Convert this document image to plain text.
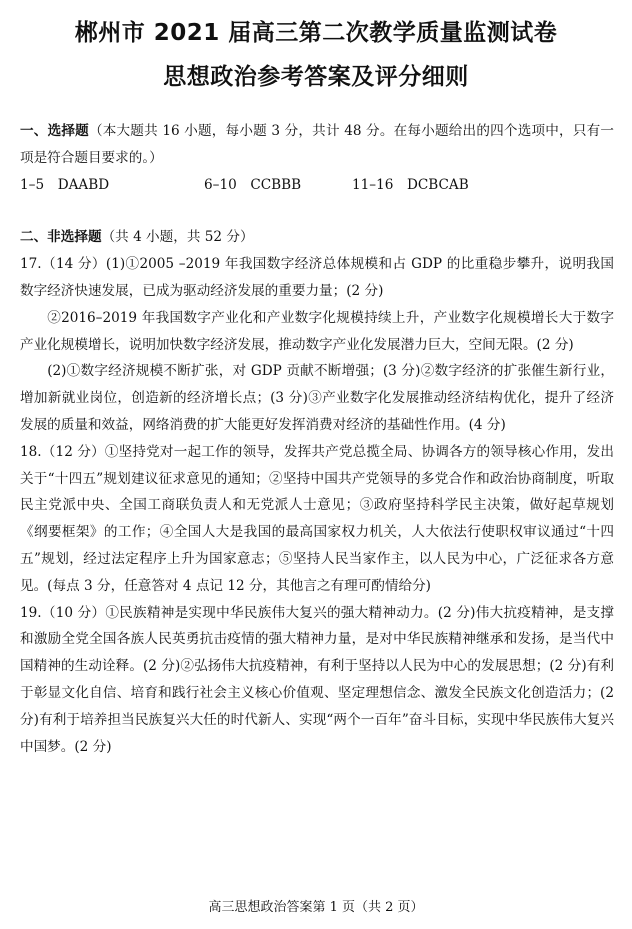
郴州市 2021 届高三第二次教学质量监测试卷
思想政治参考答案及评分细则

一、选择题（本大题共 16 小题，每小题 3 分，共计 48 分。在每小题给出的四个选项中，只有一项是符合题目要求的。）

1–5　DAABD	6–10　CCBBB	11–16　DCBCAB

二、非选择题（共 4 小题，共 52 分）

17.（14 分）(1)①2005 –2019 年我国数字经济总体规模和占 GDP 的比重稳步攀升，说明我国数字经济快速发展，已成为驱动经济发展的重要力量；(2 分)

②2016–2019 年我国数字产业化和产业数字化规模持续上升，产业数字化规模增长大于数字产业化规模增长，说明加快数字经济发展，推动数字产业化发展潜力巨大，空间无限。(2 分)

(2)①数字经济规模不断扩张，对 GDP 贡献不断增强；(3 分)②数字经济的扩张催生新行业，增加新就业岗位，创造新的经济增长点；(3 分)③产业数字化发展推动经济结构优化，提升了经济发展的质量和效益，网络消费的扩大能更好发挥消费对经济的基础性作用。(4 分)

18.（12 分）①坚持党对一起工作的领导，发挥共产党总揽全局、协调各方的领导核心作用，发出关于“十四五”规划建议征求意见的通知；②坚持中国共产党领导的多党合作和政治协商制度，听取民主党派中央、全国工商联负责人和无党派人士意见；③政府坚持科学民主决策，做好起草规划《纲要框架》的工作；④全国人大是我国的最高国家权力机关，人大依法行使职权审议通过“十四五”规划，经过法定程序上升为国家意志；⑤坚持人民当家作主，以人民为中心，广泛征求各方意见。(每点 3 分，任意答对 4 点记 12 分，其他言之有理可酌情给分)

19.（10 分）①民族精神是实现中华民族伟大复兴的强大精神动力。(2 分)伟大抗疫精神，是支撑和激励全党全国各族人民英勇抗击疫情的强大精神力量，是对中华民族精神继承和发扬，是当代中国精神的生动诠释。(2 分)②弘扬伟大抗疫精神，有利于坚持以人民为中心的发展思想；(2 分)有利于彰显文化自信、培育和践行社会主义核心价值观、坚定理想信念、激发全民族文化创造活力；(2 分)有利于培养担当民族复兴大任的时代新人、实现“两个一百年”奋斗目标，实现中华民族伟大复兴中国梦。(2 分)

高三思想政治答案第 1 页（共 2 页）
